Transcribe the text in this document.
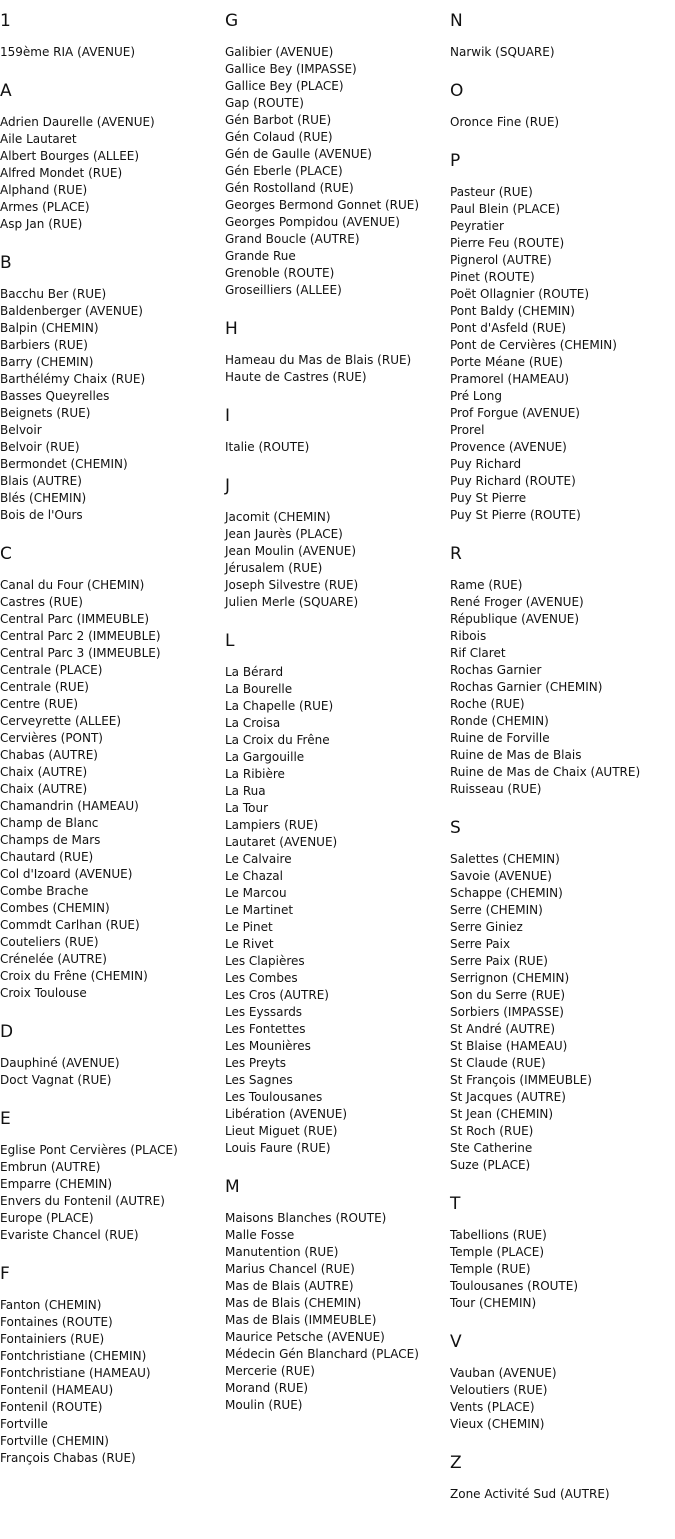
1
159ème RIA (AVENUE)
A
Adrien Daurelle (AVENUE)
Aile Lautaret
Albert Bourges (ALLEE)
Alfred Mondet (RUE)
Alphand (RUE)
Armes (PLACE)
Asp Jan (RUE)
B
Bacchu Ber (RUE)
Baldenberger (AVENUE)
Balpin (CHEMIN)
Barbiers (RUE)
Barry (CHEMIN)
Barthélémy Chaix (RUE)
Basses Queyrelles
Beignets (RUE)
Belvoir
Belvoir (RUE)
Bermondet (CHEMIN)
Blais (AUTRE)
Blés (CHEMIN)
Bois de l'Ours
C
Canal du Four (CHEMIN)
Castres (RUE)
Central Parc (IMMEUBLE)
Central Parc 2 (IMMEUBLE)
Central Parc 3 (IMMEUBLE)
Centrale (PLACE)
Centrale (RUE)
Centre (RUE)
Cerveyrette (ALLEE)
Cervières (PONT)
Chabas (AUTRE)
Chaix (AUTRE)
Chaix (AUTRE)
Chamandrin (HAMEAU)
Champ de Blanc
Champs de Mars
Chautard (RUE)
Col d'Izoard (AVENUE)
Combe Brache
Combes (CHEMIN)
Commdt Carlhan (RUE)
Couteliers (RUE)
Crénelée (AUTRE)
Croix du Frêne (CHEMIN)
Croix Toulouse
D
Dauphiné (AVENUE)
Doct Vagnat (RUE)
E
Eglise Pont Cervières (PLACE)
Embrun (AUTRE)
Emparre (CHEMIN)
Envers du Fontenil (AUTRE)
Europe (PLACE)
Evariste Chancel (RUE)
F
Fanton (CHEMIN)
Fontaines (ROUTE)
Fontainiers (RUE)
Fontchristiane (CHEMIN)
Fontchristiane (HAMEAU)
Fontenil (HAMEAU)
Fontenil (ROUTE)
Fortville
Fortville (CHEMIN)
François Chabas (RUE)
G
Galibier (AVENUE)
Gallice Bey (IMPASSE)
Gallice Bey (PLACE)
Gap (ROUTE)
Gén Barbot (RUE)
Gén Colaud (RUE)
Gén de Gaulle (AVENUE)
Gén Eberle (PLACE)
Gén Rostolland (RUE)
Georges Bermond Gonnet (RUE)
Georges Pompidou (AVENUE)
Grand Boucle (AUTRE)
Grande Rue
Grenoble (ROUTE)
Groseilliers (ALLEE)
H
Hameau du Mas de Blais (RUE)
Haute de Castres (RUE)
I
Italie (ROUTE)
J
Jacomit (CHEMIN)
Jean Jaurès (PLACE)
Jean Moulin (AVENUE)
Jérusalem (RUE)
Joseph Silvestre (RUE)
Julien Merle (SQUARE)
L
La Bérard
La Bourelle
La Chapelle (RUE)
La Croisa
La Croix du Frêne
La Gargouille
La Ribière
La Rua
La Tour
Lampiers (RUE)
Lautaret (AVENUE)
Le Calvaire
Le Chazal
Le Marcou
Le Martinet
Le Pinet
Le Rivet
Les Clapières
Les Combes
Les Cros (AUTRE)
Les Eyssards
Les Fontettes
Les Mounières
Les Preyts
Les Sagnes
Les Toulousanes
Libération (AVENUE)
Lieut Miguet (RUE)
Louis Faure (RUE)
M
Maisons Blanches (ROUTE)
Malle Fosse
Manutention (RUE)
Marius Chancel (RUE)
Mas de Blais (AUTRE)
Mas de Blais (CHEMIN)
Mas de Blais (IMMEUBLE)
Maurice Petsche (AVENUE)
Médecin Gén Blanchard (PLACE)
Mercerie (RUE)
Morand (RUE)
Moulin (RUE)
N
Narwik (SQUARE)
O
Oronce Fine (RUE)
P
Pasteur (RUE)
Paul Blein (PLACE)
Peyratier
Pierre Feu (ROUTE)
Pignerol (AUTRE)
Pinet (ROUTE)
Poët Ollagnier (ROUTE)
Pont Baldy (CHEMIN)
Pont d'Asfeld (RUE)
Pont de Cervières (CHEMIN)
Porte Méane (RUE)
Pramorel (HAMEAU)
Pré Long
Prof Forgue (AVENUE)
Prorel
Provence (AVENUE)
Puy Richard
Puy Richard (ROUTE)
Puy St Pierre
Puy St Pierre (ROUTE)
R
Rame (RUE)
René Froger (AVENUE)
République (AVENUE)
Ribois
Rif Claret
Rochas Garnier
Rochas Garnier (CHEMIN)
Roche (RUE)
Ronde (CHEMIN)
Ruine de Forville
Ruine de Mas de Blais
Ruine de Mas de Chaix (AUTRE)
Ruisseau (RUE)
S
Salettes (CHEMIN)
Savoie (AVENUE)
Schappe (CHEMIN)
Serre (CHEMIN)
Serre Giniez
Serre Paix
Serre Paix (RUE)
Serrignon (CHEMIN)
Son du Serre (RUE)
Sorbiers (IMPASSE)
St André (AUTRE)
St Blaise (HAMEAU)
St Claude (RUE)
St François (IMMEUBLE)
St Jacques (AUTRE)
St Jean (CHEMIN)
St Roch (RUE)
Ste Catherine
Suze (PLACE)
T
Tabellions (RUE)
Temple (PLACE)
Temple (RUE)
Toulousanes (ROUTE)
Tour (CHEMIN)
V
Vauban (AVENUE)
Veloutiers (RUE)
Vents (PLACE)
Vieux (CHEMIN)
Z
Zone Activité Sud (AUTRE)
